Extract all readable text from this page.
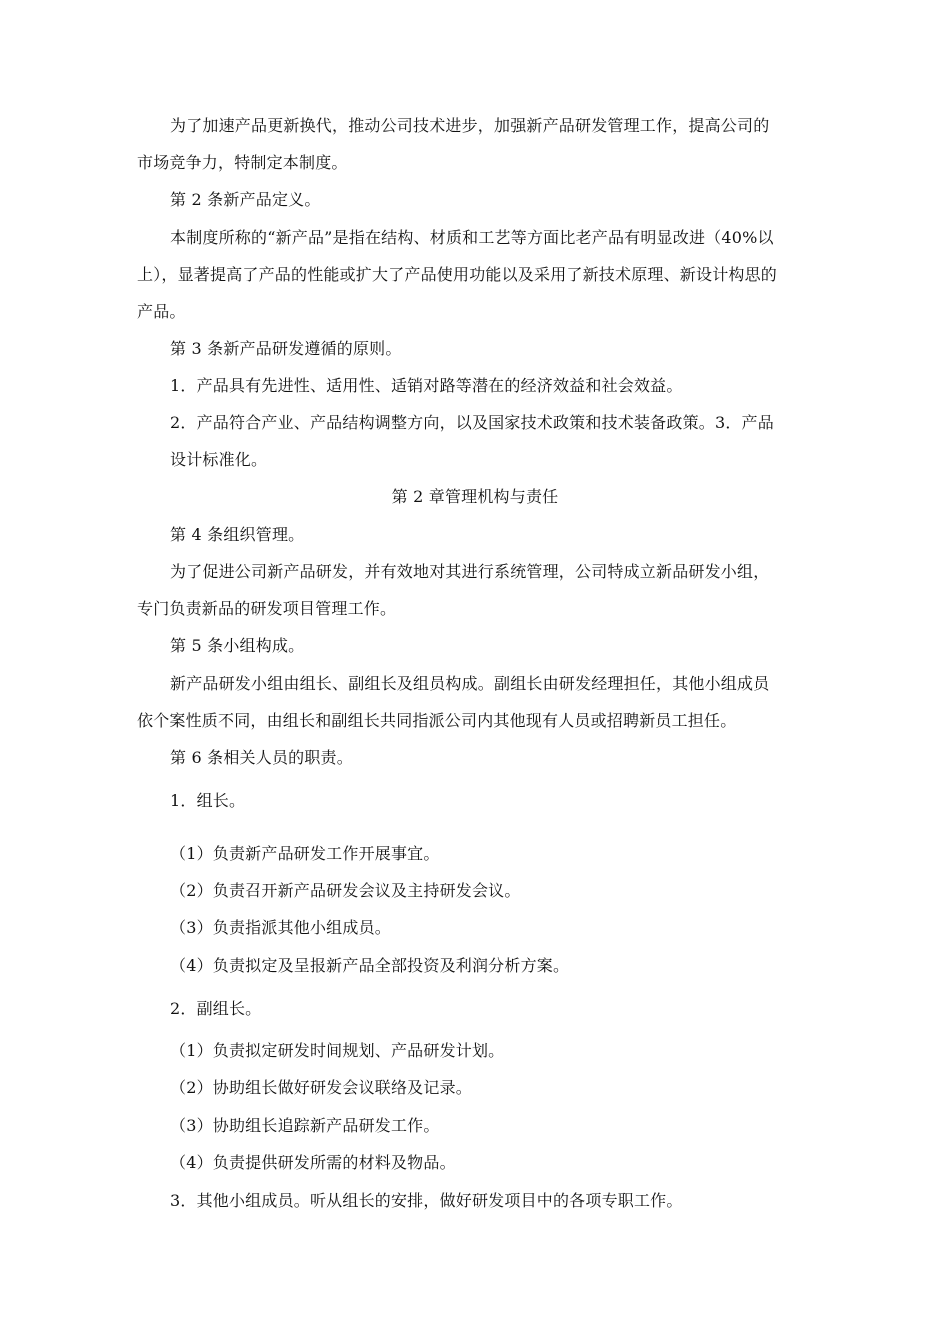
为了加速产品更新换代，推动公司技术进步，加强新产品研发管理工作，提高公司的
市场竞争力，特制定本制度。
第 2 条新产品定义。
本制度所称的“新产品”是指在结构、材质和工艺等方面比老产品有明显改进（40%以
上），显著提高了产品的性能或扩大了产品使用功能以及采用了新技术原理、新设计构思的
产品。
第 3 条新产品研发遵循的原则。
1．产品具有先进性、适用性、适销对路等潜在的经济效益和社会效益。
2．产品符合产业、产品结构调整方向，以及国家技术政策和技术装备政策。3．产品
设计标准化。
第 2 章管理机构与责任
第 4 条组织管理。
为了促进公司新产品研发，并有效地对其进行系统管理，公司特成立新品研发小组，
专门负责新品的研发项目管理工作。
第 5 条小组构成。
新产品研发小组由组长、副组长及组员构成。副组长由研发经理担任，其他小组成员
依个案性质不同，由组长和副组长共同指派公司内其他现有人员或招聘新员工担任。
第 6 条相关人员的职责。
1．组长。
（1）负责新产品研发工作开展事宜。
（2）负责召开新产品研发会议及主持研发会议。
（3）负责指派其他小组成员。
（4）负责拟定及呈报新产品全部投资及利润分析方案。
2．副组长。
（1）负责拟定研发时间规划、产品研发计划。
（2）协助组长做好研发会议联络及记录。
（3）协助组长追踪新产品研发工作。
（4）负责提供研发所需的材料及物品。
3．其他小组成员。听从组长的安排，做好研发项目中的各项专职工作。
